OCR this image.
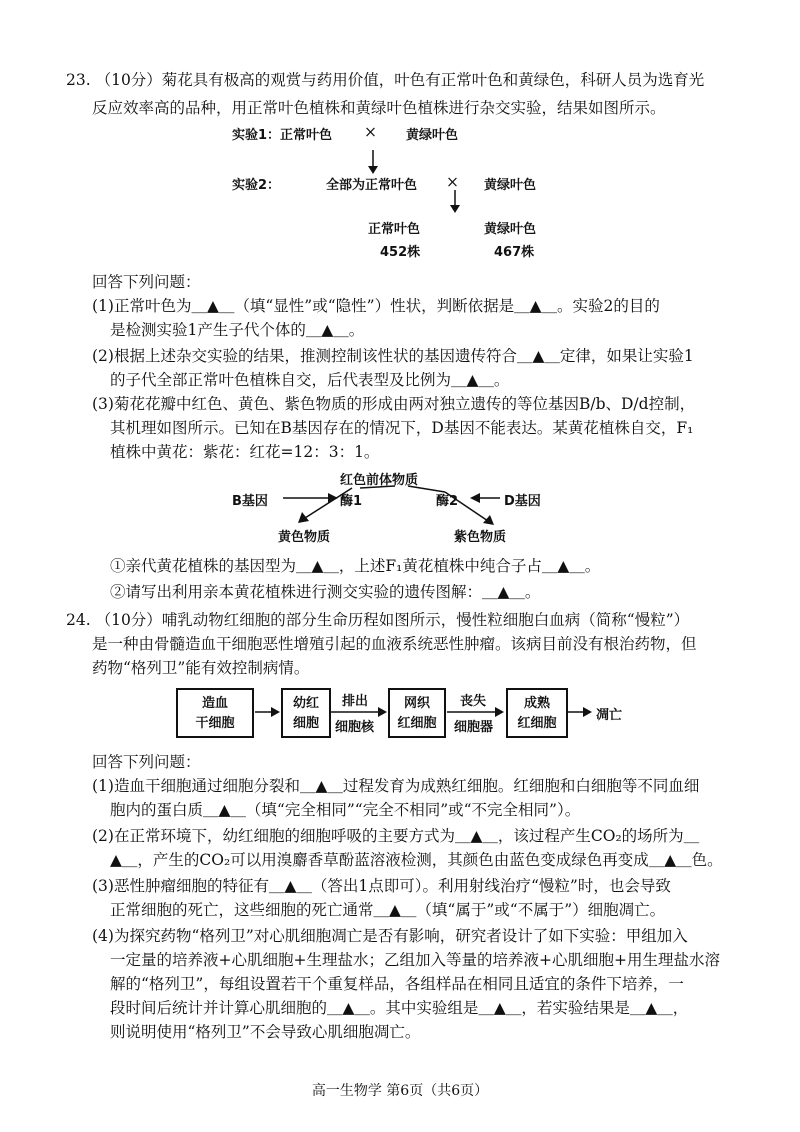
23. （10分）菊花具有极高的观赏与药用价值，叶色有正常叶色和黄绿色，科研人员为选育光
反应效率高的品种，用正常叶色植株和黄绿叶色植株进行杂交实验，结果如图所示。
实验1：正常叶色 × 黄绿叶色
实验2：	全部为正常叶色 × 黄绿叶色
正常叶色
452株
黄绿叶色
467株
回答下列问题：
(1)正常叶色为＿▲＿（填“显性”或“隐性”）性状，判断依据是＿▲＿。实验2的目的
是检测实验1产生子代个体的＿▲＿。
(2)根据上述杂交实验的结果，推测控制该性状的基因遗传符合＿▲＿定律，如果让实验1
的子代全部正常叶色植株自交，后代表型及比例为＿▲＿。
(3)菊花花瓣中红色、黄色、紫色物质的形成由两对独立遗传的等位基因B/b、D/d控制，
其机理如图所示。已知在B基因存在的情况下，D基因不能表达。某黄花植株自交，F₁
植株中黄花：紫花：红花=12：3：1。
红色前体物质
B基因	酶1	酶2	D基因
黄色物质	紫色物质
①亲代黄花植株的基因型为＿▲＿，上述F₁黄花植株中纯合子占＿▲＿。
②请写出利用亲本黄花植株进行测交实验的遗传图解：＿▲＿。
24. （10分）哺乳动物红细胞的部分生命历程如图所示，慢性粒细胞白血病（简称“慢粒”）
是一种由骨髓造血干细胞恶性增殖引起的血液系统恶性肿瘤。该病目前没有根治药物，但
药物“格列卫”能有效控制病情。
造血
干细胞
幼红
细胞
排出
细胞核
网织
红细胞
丧失
细胞器
成熟
红细胞
凋亡
回答下列问题：
(1)造血干细胞通过细胞分裂和＿▲＿过程发育为成熟红细胞。红细胞和白细胞等不同血细
胞内的蛋白质＿▲＿（填“完全相同”“完全不相同”或“不完全相同”）。
(2)在正常环境下，幼红细胞的细胞呼吸的主要方式为＿▲＿，该过程产生CO₂的场所为＿
▲＿，产生的CO₂可以用溴麝香草酚蓝溶液检测，其颜色由蓝色变成绿色再变成＿▲＿色。
(3)恶性肿瘤细胞的特征有＿▲＿（答出1点即可）。利用射线治疗“慢粒”时，也会导致
正常细胞的死亡，这些细胞的死亡通常＿▲＿（填“属于”或“不属于”）细胞凋亡。
(4)为探究药物“格列卫”对心肌细胞凋亡是否有影响，研究者设计了如下实验：甲组加入
一定量的培养液+心肌细胞+生理盐水；乙组加入等量的培养液+心肌细胞+用生理盐水溶
解的“格列卫”，每组设置若干个重复样品，各组样品在相同且适宜的条件下培养，一
段时间后统计并计算心肌细胞的＿▲＿。其中实验组是＿▲＿，若实验结果是＿▲＿，
则说明使用“格列卫”不会导致心肌细胞凋亡。
高一生物学 第6页（共6页）
